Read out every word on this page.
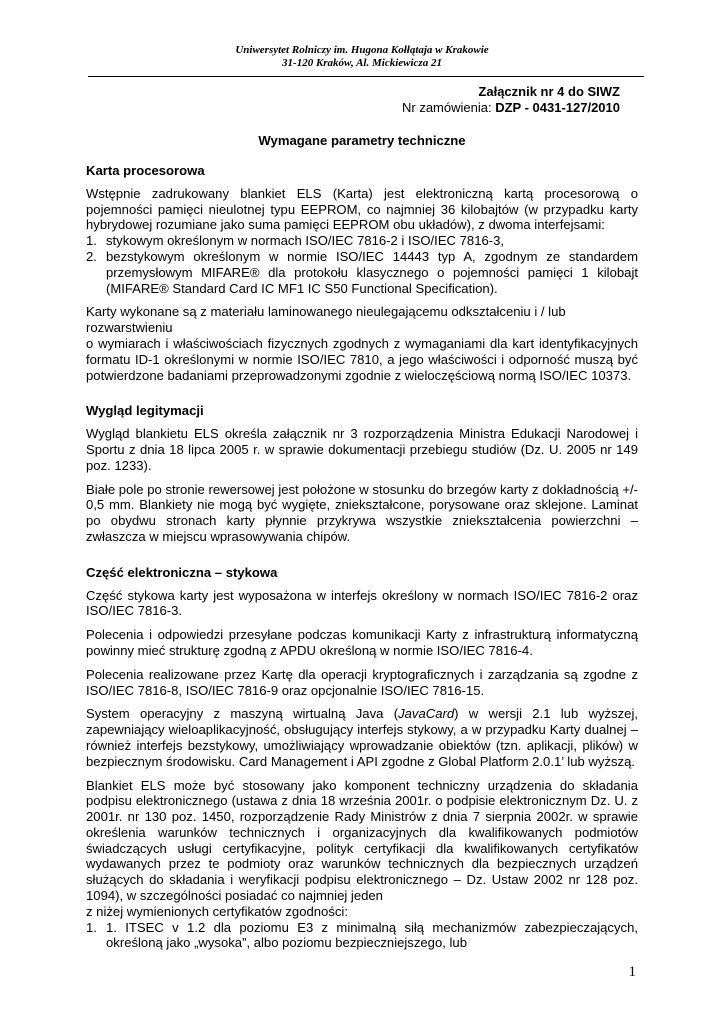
Uniwersytet Rolniczy im. Hugona Kołłątaja w Krakowie
31-120 Kraków, Al. Mickiewicza 21
Załącznik nr 4 do SIWZ
Nr zamówienia: DZP - 0431-127/2010

Wymagane parametry techniczne

Karta procesorowa

Wstępnie zadrukowany blankiet ELS (Karta) jest elektroniczną kartą procesorową o pojemności pamięci nieulotnej typu EEPROM, co najmniej 36 kilobajtów (w przypadku karty hybrydowej rozumiane jako suma pamięci EEPROM obu układów), z dwoma interfejsami:

1. stykowym określonym w normach ISO/IEC 7816-2 i ISO/IEC 7816-3,
2. bezstykowym określonym w normie ISO/IEC 14443 typ A, zgodnym ze standardem przemysłowym MIFARE® dla protokołu klasycznego o pojemności pamięci 1 kilobajt (MIFARE® Standard Card IC MF1 IC S50 Functional Specification).

Karty wykonane są z materiału laminowanego nieulegającemu odkształceniu i / lub rozwarstwieniu

o wymiarach i właściwościach fizycznych zgodnych z wymaganiami dla kart identyfikacyjnych formatu ID-1 określonymi w normie ISO/IEC 7810, a jego właściwości i odporność muszą być potwierdzone badaniami przeprowadzonymi zgodnie z wieloczęściową normą ISO/IEC 10373.

Wygląd legitymacji

Wygląd blankietu ELS określa załącznik nr 3 rozporządzenia Ministra Edukacji Narodowej i Sportu z dnia 18 lipca 2005 r. w sprawie dokumentacji przebiegu studiów (Dz. U. 2005 nr 149 poz. 1233).

Białe pole po stronie rewersowej jest położone w stosunku do brzegów karty z dokładnością +/- 0,5 mm. Blankiety nie mogą być wygięte, zniekształcone, porysowane oraz sklejone. Laminat po obydwu stronach karty płynnie przykrywa wszystkie zniekształcenia powierzchni – zwłaszcza w miejscu wprasowywania chipów.

Część elektroniczna – stykowa

Część stykowa karty jest wyposażona w interfejs określony w normach ISO/IEC 7816-2 oraz ISO/IEC 7816-3.

Polecenia i odpowiedzi przesyłane podczas komunikacji Karty z infrastrukturą informatyczną powinny mieć strukturę zgodną z APDU określoną w normie ISO/IEC 7816-4.

Polecenia realizowane przez Kartę dla operacji kryptograficznych i zarządzania są zgodne z ISO/IEC 7816-8, ISO/IEC 7816-9 oraz opcjonalnie ISO/IEC 7816-15.

System operacyjny z maszyną wirtualną Java (JavaCard) w wersji 2.1 lub wyższej, zapewniający wieloaplikacyjność, obsługujący interfejs stykowy, a w przypadku Karty dualnej – również interfejs bezstykowy, umożliwiający wprowadzanie obiektów (tzn. aplikacji, plików) w bezpiecznym środowisku. Card Management i API zgodne z Global Platform 2.0.1’ lub wyższą.

Blankiet ELS może być stosowany jako komponent techniczny urządzenia do składania podpisu elektronicznego (ustawa z dnia 18 września 2001r. o podpisie elektronicznym Dz. U. z 2001r. nr 130 poz. 1450, rozporządzenie Rady Ministrów z dnia 7 sierpnia 2002r. w sprawie określenia warunków technicznych i organizacyjnych dla kwalifikowanych podmiotów świadczących usługi certyfikacyjne, polityk certyfikacji dla kwalifikowanych certyfikatów wydawanych przez te podmioty oraz warunków technicznych dla bezpiecznych urządzeń służących do składania i weryfikacji podpisu elektronicznego – Dz. Ustaw 2002 nr 128 poz. 1094), w szczególności posiadać co najmniej jeden

z niżej wymienionych certyfikatów zgodności:

1. 1. ITSEC v 1.2 dla poziomu E3 z minimalną siłą mechanizmów zabezpieczających, określoną jako „wysoka”, albo poziomu bezpieczniejszego, lub
1
